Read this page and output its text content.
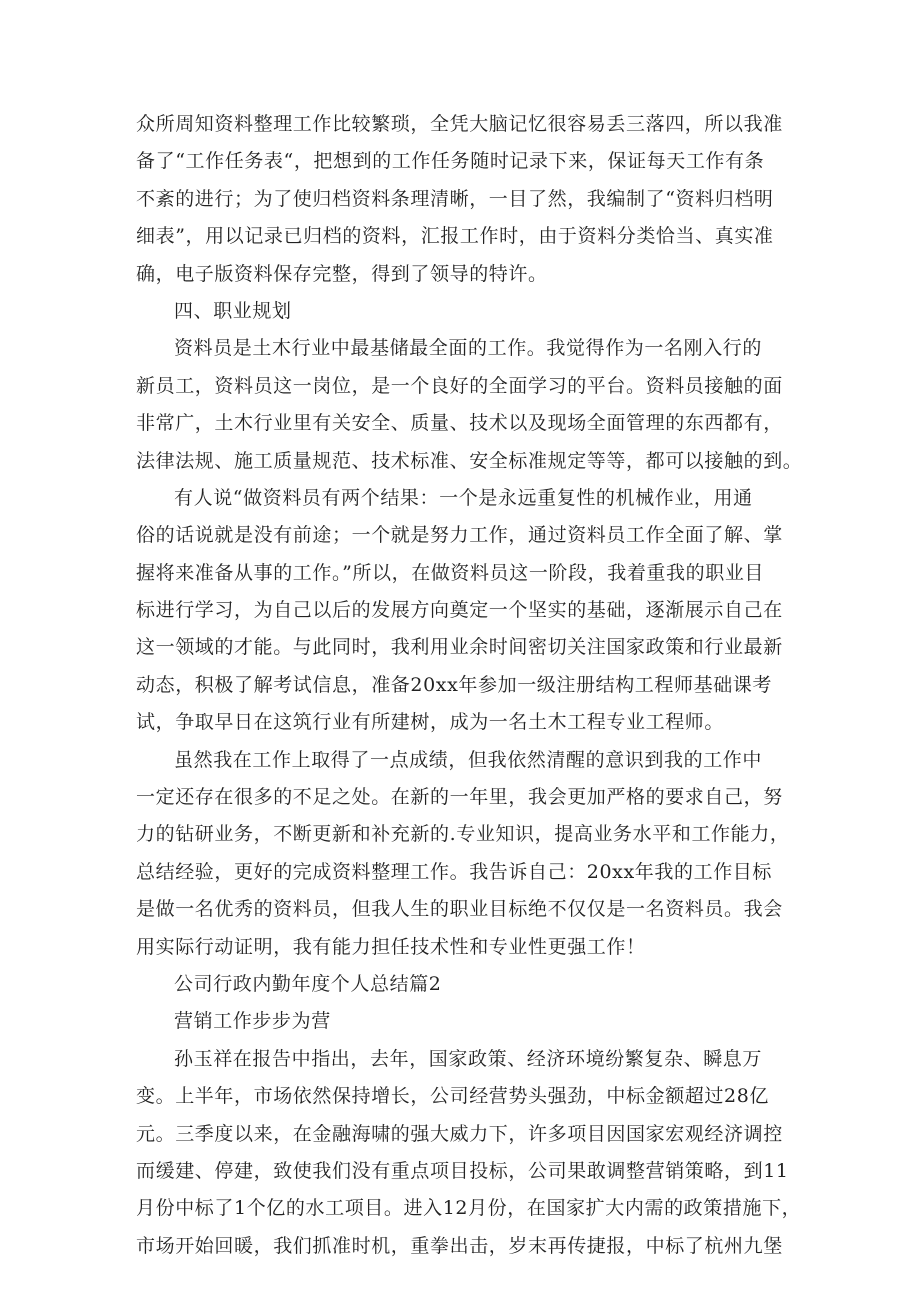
众所周知资料整理工作比较繁琐，全凭大脑记忆很容易丢三落四，所以我准
备了“工作任务表“，把想到的工作任务随时记录下来，保证每天工作有条
不紊的进行；为了使归档资料条理清晰，一目了然，我编制了“资料归档明
细表”，用以记录已归档的资料，汇报工作时，由于资料分类恰当、真实准
确，电子版资料保存完整，得到了领导的特许。
四、职业规划
资料员是土木行业中最基储最全面的工作。我觉得作为一名刚入行的
新员工，资料员这一岗位，是一个良好的全面学习的平台。资料员接触的面
非常广，土木行业里有关安全、质量、技术以及现场全面管理的东西都有，
法律法规、施工质量规范、技术标准、安全标准规定等等，都可以接触的到。
有人说“做资料员有两个结果：一个是永远重复性的机械作业，用通
俗的话说就是没有前途；一个就是努力工作，通过资料员工作全面了解、掌
握将来准备从事的工作。”所以，在做资料员这一阶段，我着重我的职业目
标进行学习，为自己以后的发展方向奠定一个坚实的基础，逐渐展示自己在
这一领域的才能。与此同时，我利用业余时间密切关注国家政策和行业最新
动态，积极了解考试信息，准备20xx年参加一级注册结构工程师基础课考
试，争取早日在这筑行业有所建树，成为一名土木工程专业工程师。
虽然我在工作上取得了一点成绩，但我依然清醒的意识到我的工作中
一定还存在很多的不足之处。在新的一年里，我会更加严格的要求自己，努
力的钻研业务，不断更新和补充新的.专业知识，提高业务水平和工作能力，
总结经验，更好的完成资料整理工作。我告诉自己：20xx年我的工作目标
是做一名优秀的资料员，但我人生的职业目标绝不仅仅是一名资料员。我会
用实际行动证明，我有能力担任技术性和专业性更强工作！
公司行政内勤年度个人总结篇2
营销工作步步为营
孙玉祥在报告中指出，去年，国家政策、经济环境纷繁复杂、瞬息万
变。上半年，市场依然保持增长，公司经营势头强劲，中标金额超过28亿
元。三季度以来，在金融海啸的强大威力下，许多项目因国家宏观经济调控
而缓建、停建，致使我们没有重点项目投标，公司果敢调整营销策略，到11
月份中标了1个亿的水工项目。进入12月份，在国家扩大内需的政策措施下，
市场开始回暖，我们抓准时机，重拳出击，岁末再传捷报，中标了杭州九堡
